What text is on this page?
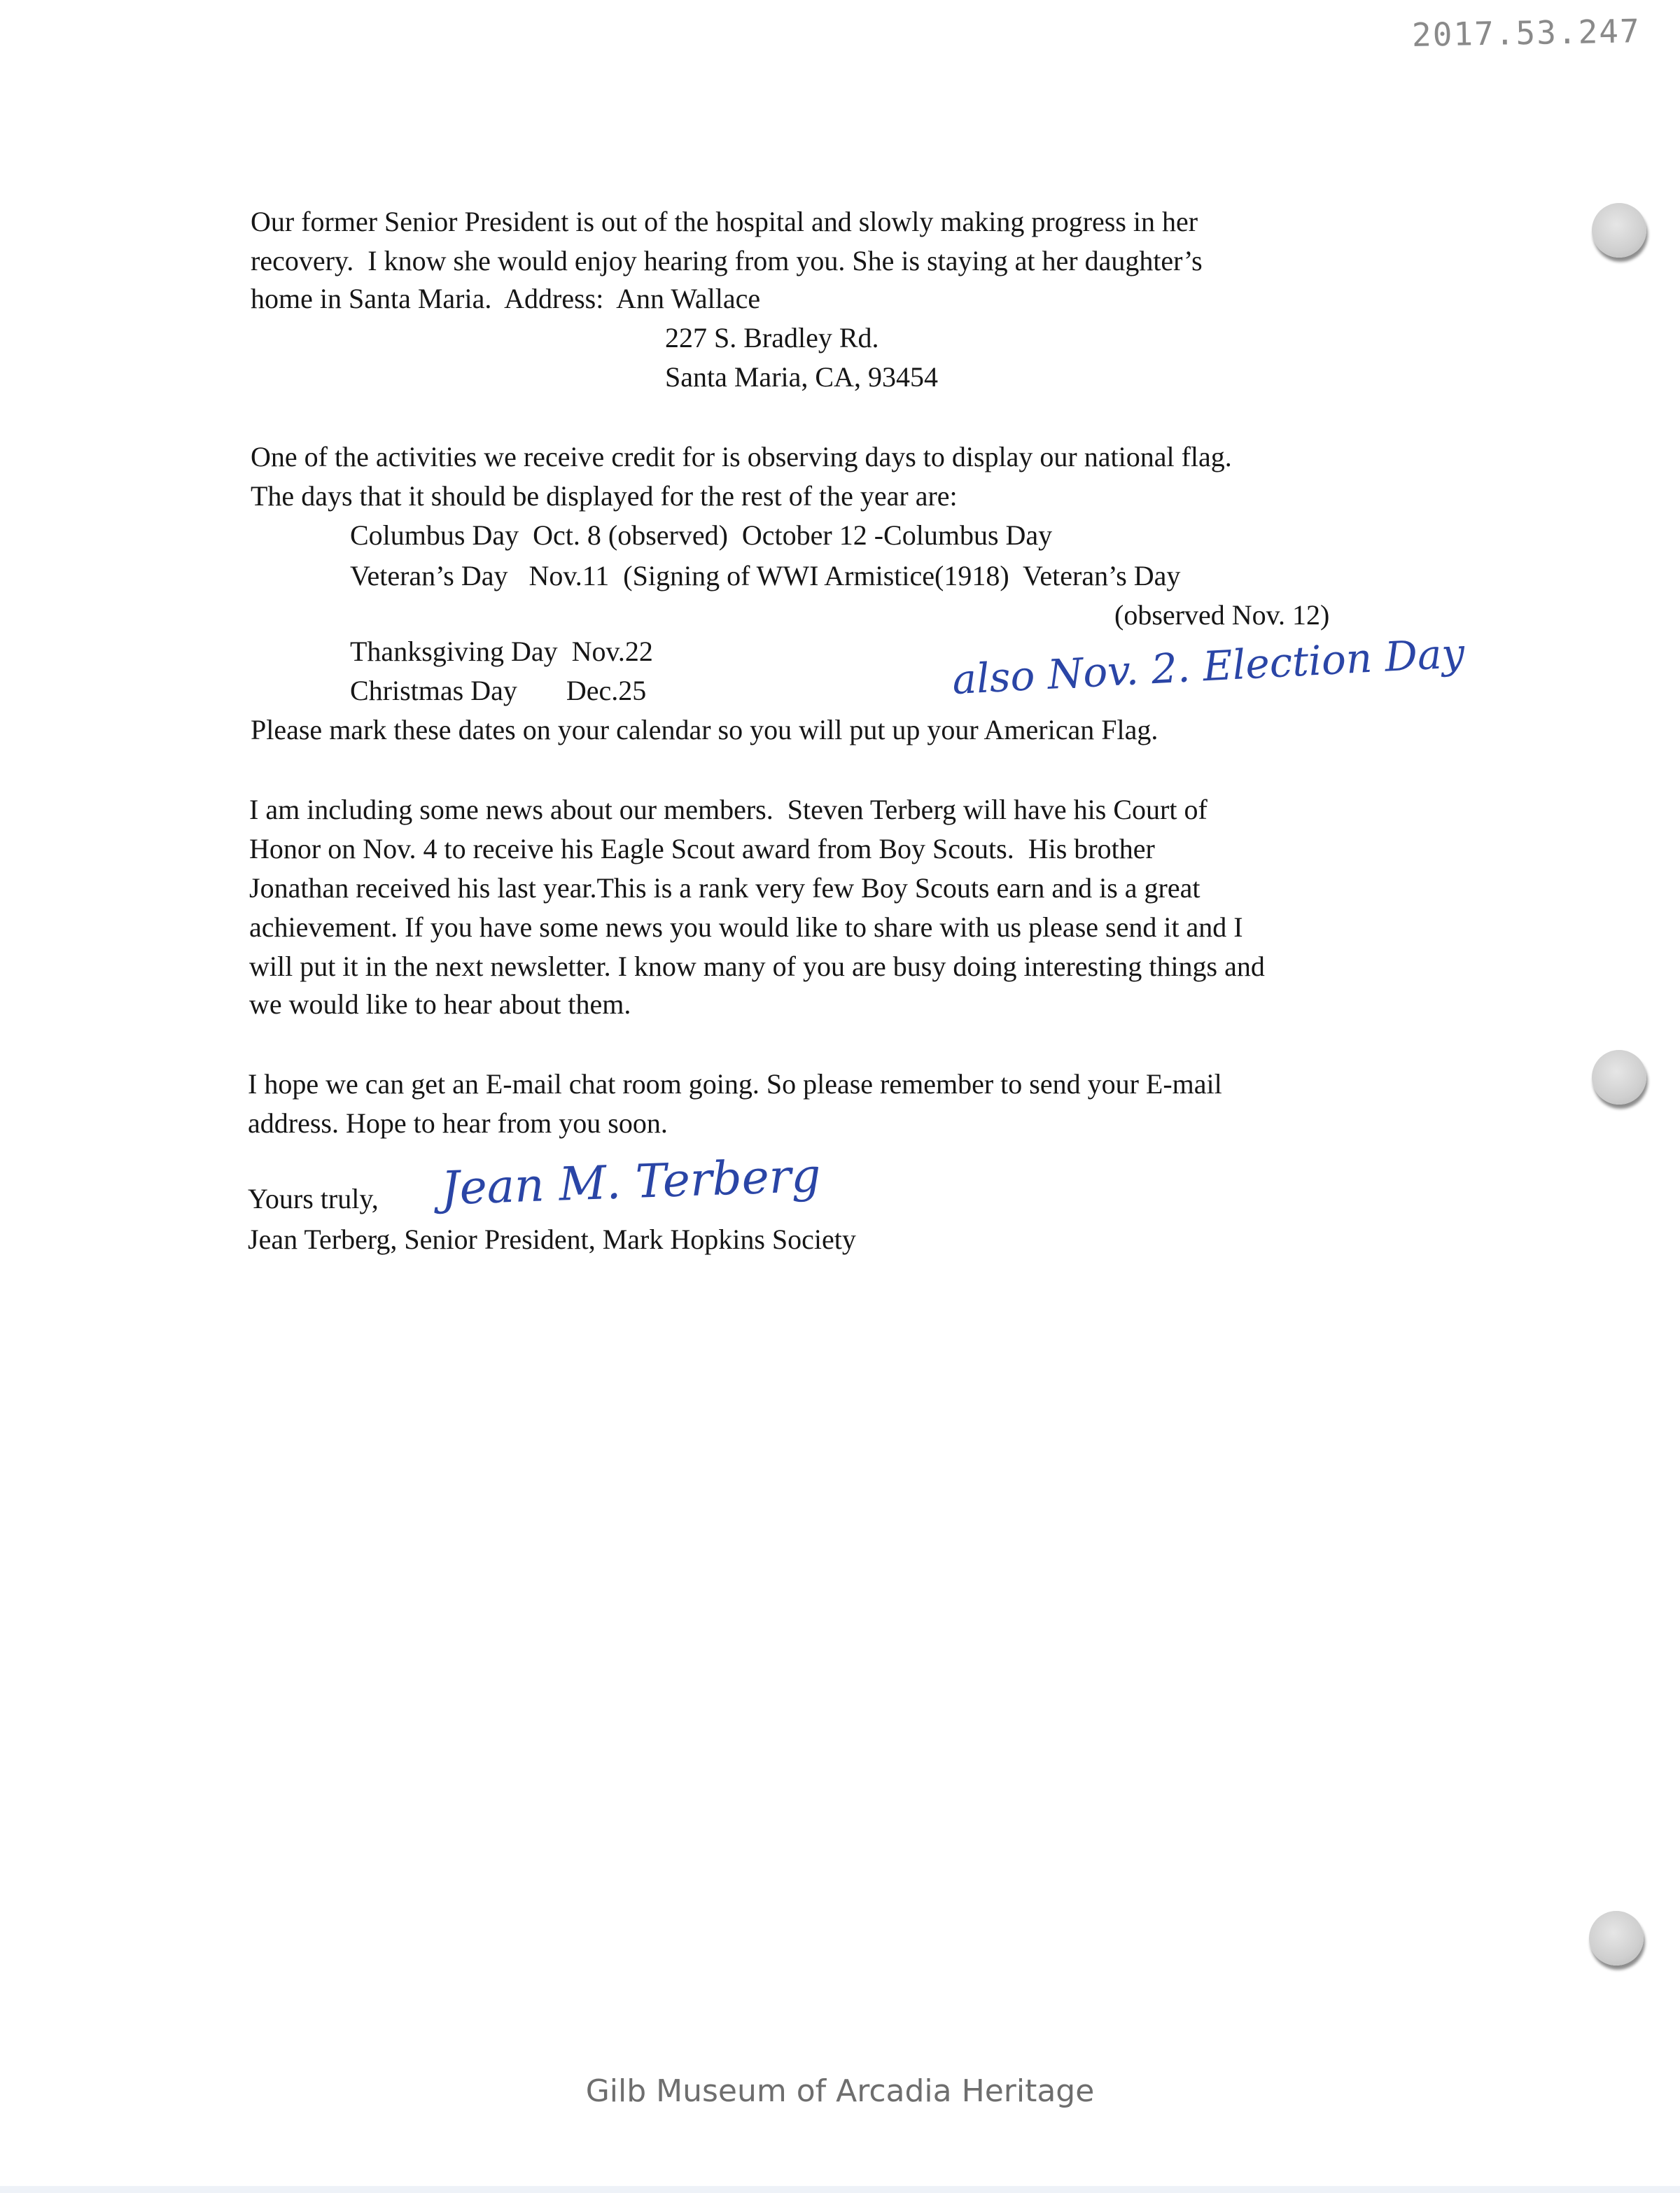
2017.53.247
Our former Senior President is out of the hospital and slowly making progress in her
recovery.  I know she would enjoy hearing from you. She is staying at her daughter’s
home in Santa Maria.  Address:  Ann Wallace
227 S. Bradley Rd.
Santa Maria, CA, 93454
One of the activities we receive credit for is observing days to display our national flag.
The days that it should be displayed for the rest of the year are:
Columbus Day  Oct. 8 (observed)  October 12 -Columbus Day
Veteran’s Day   Nov.11  (Signing of WWI Armistice(1918)  Veteran’s Day
(observed Nov. 12)
Thanksgiving Day  Nov.22
Christmas Day       Dec.25	also Nov. 2. Election Day
Please mark these dates on your calendar so you will put up your American Flag.
I am including some news about our members.  Steven Terberg will have his Court of
Honor on Nov. 4 to receive his Eagle Scout award from Boy Scouts.  His brother
Jonathan received his last year.This is a rank very few Boy Scouts earn and is a great
achievement. If you have some news you would like to share with us please send it and I
will put it in the next newsletter. I know many of you are busy doing interesting things and
we would like to hear about them.
I hope we can get an E-mail chat room going. So please remember to send your E-mail
address. Hope to hear from you soon.
Yours truly, Jean M. Terberg
Jean Terberg, Senior President, Mark Hopkins Society
Gilb Museum of Arcadia Heritage
